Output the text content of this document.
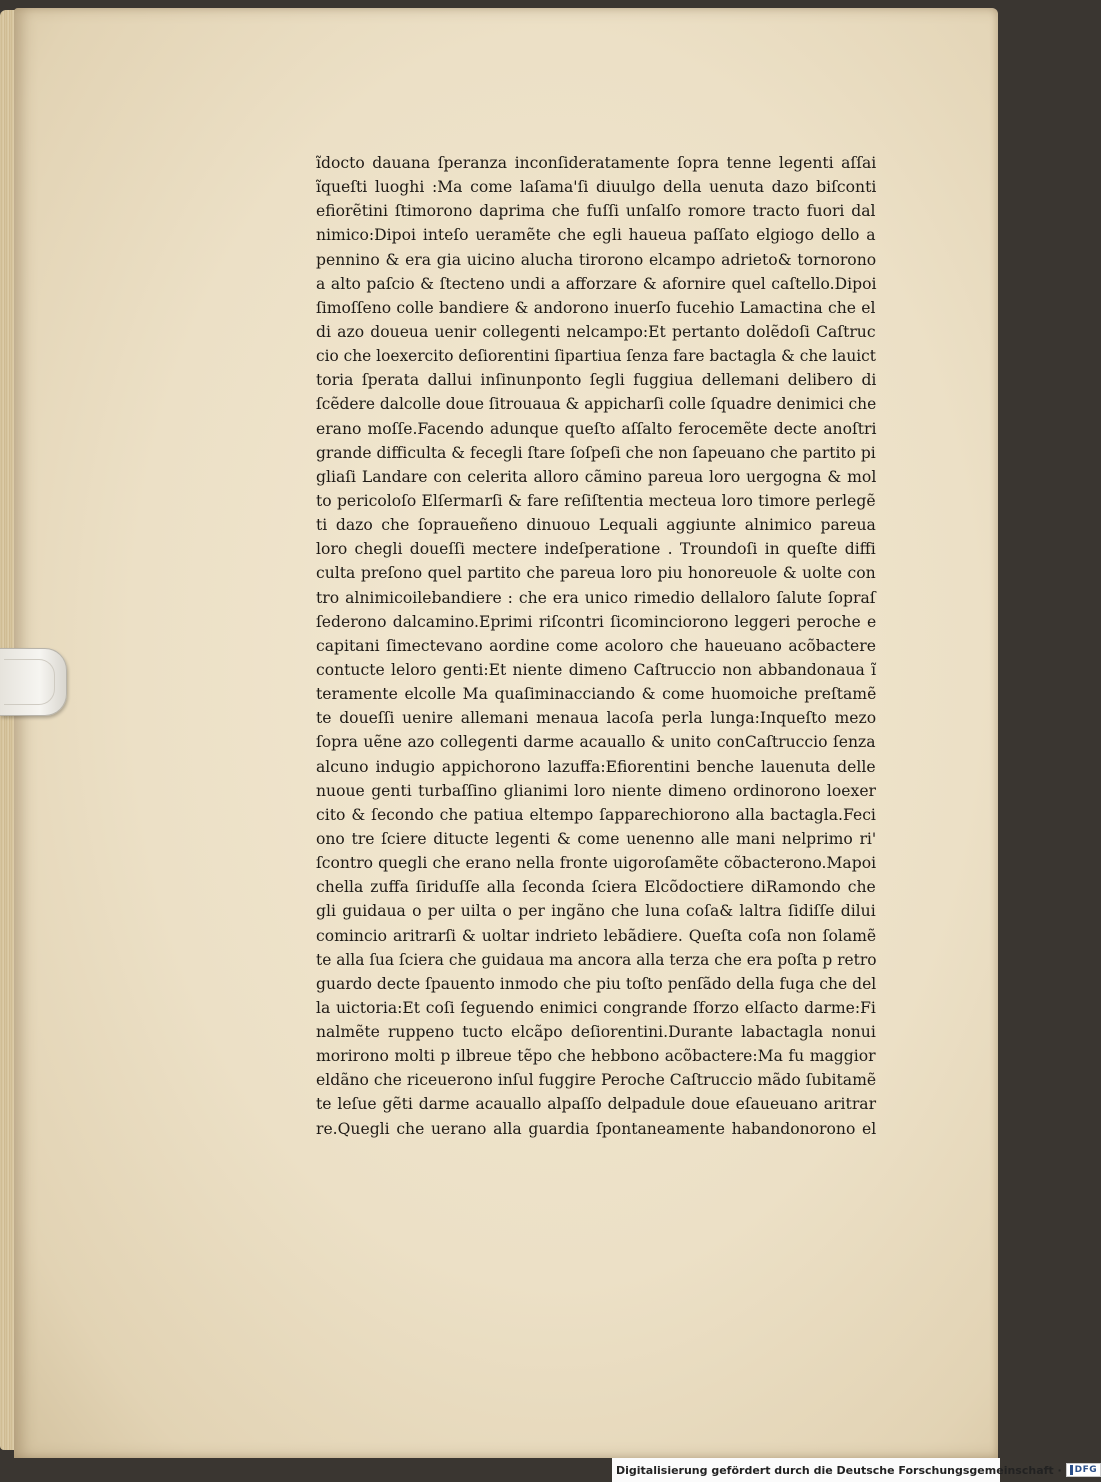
ĩdocto dauana ſperanza inconſideratamente ſopra tenne legenti aſſai
ĩqueſti luoghi :Ma come laſama'ſi diuulgo della uenuta dazo biſconti
efiorẽtini ſtimorono daprima che fuſſi unſalſo romore tracto fuori dal
nimico:Dipoi inteſo ueramẽte che egli haueua paſſato elgiogo dello a
pennino & era gia uicino alucha tirorono elcampo adrieto& tornorono
a alto paſcio & ſtecteno undi a afforzare & afornire quel caſtello.Dipoi
ſimoſſeno colle bandiere & andorono inuerſo fucehio Lamactina che el
di azo doueua uenir collegenti nelcampo:Et pertanto dolẽdoſi Caſtruc
cio che loexercito deſiorentini ſipartiua ſenza fare bactagla & che lauict
toria ſperata dallui inſinunponto ſegli fuggiua dellemani delibero di
ſcẽdere dalcolle doue ſitrouaua & appicharſi colle ſquadre denimici che
erano moſſe.Facendo adunque queſto aſſalto ferocemẽte decte anoſtri
grande difficulta & fecegli ſtare ſoſpeſi che non ſapeuano che partito pi
gliaſi Landare con celerita alloro cãmino pareua loro uergogna & mol
to pericoloſo Elſermarſi & fare reſiſtentia mecteua loro timore perlegẽ
ti dazo che ſopraueñeno dinuouo Lequali aggiunte alnimico pareua
loro chegli doueſſi mectere indeſperatione . Troundoſi in queſte diffi
culta preſono quel partito che pareua loro piu honoreuole & uolte con
tro alnimicoilebandiere : che era unico rimedio dellaloro ſalute ſopraſ
ſederono dalcamino.Eprimi riſcontri ſicominciorono leggeri peroche e
capitani ſimectevano aordine come acoloro che haueuano acõbactere
contucte leloro genti:Et niente dimeno Caſtruccio non abbandonaua ĩ
teramente elcolle Ma quaſiminacciando & come huomoiche preſtamẽ
te doueſſi uenire allemani menaua lacoſa perla lunga:Inqueſto mezo
ſopra uẽne azo collegenti darme acauallo & unito conCaſtruccio ſenza
alcuno indugio appichorono lazuffa:Efiorentini benche lauenuta delle
nuoue genti turbaſſino glianimi loro niente dimeno ordinorono loexer
cito & ſecondo che patiua eltempo ſapparechiorono alla bactagla.Feci
ono tre ſciere ditucte legenti & come uenenno alle mani nelprimo ri'
ſcontro quegli che erano nella fronte uigoroſamẽte cõbacterono.Mapoi
chella zuffa ſiriduſſe alla ſeconda ſciera Elcõdoctiere diRamondo che
gli guidaua o per uilta o per ingãno che luna coſa& laltra ſidiſſe dilui
comincio aritrarſi & uoltar indrieto lebãdiere. Queſta coſa non ſolamẽ
te alla ſua ſciera che guidaua ma ancora alla terza che era poſta p retro
guardo decte ſpauento inmodo che piu toſto penſãdo della fuga che del
la uictoria:Et coſi ſeguendo enimici congrande ſforzo elſacto darme:Fi
nalmẽte ruppeno tucto elcãpo deſiorentini.Durante labactagla nonui
morirono molti p ilbreue tẽpo che hebbono acõbactere:Ma fu maggior
eldãno che riceuerono inſul fuggire Peroche Caſtruccio mãdo ſubitamẽ
te leſue gẽti darme acauallo alpaſſo delpadule doue eſaueuano aritrar
re.Quegli che uerano alla guardia ſpontaneamente habandonorono el
Digitalisierung gefördert durch die Deutsche Forschungsgemeinschaft · DFG
